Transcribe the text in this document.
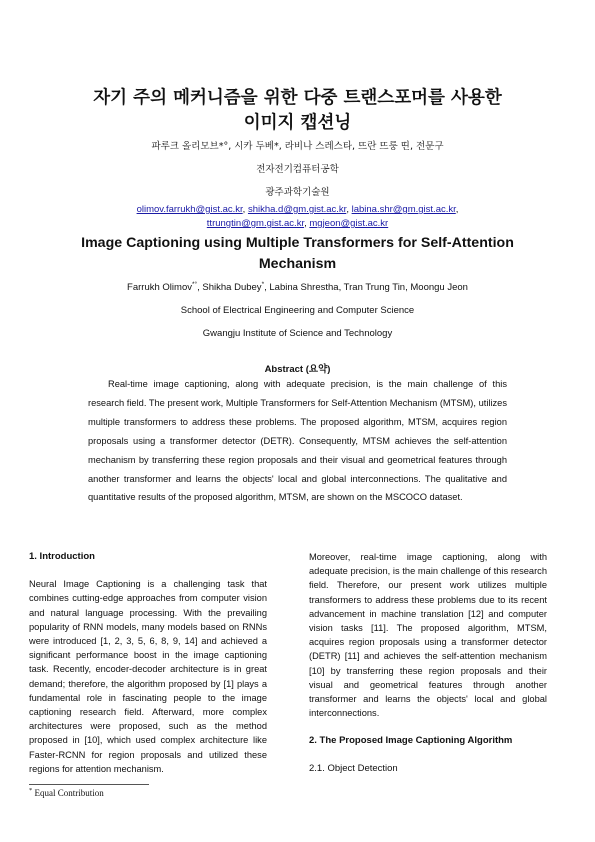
자기 주의 메커니즘을 위한 다중 트랜스포머를 사용한
이미지 캡션닝
파루크 올리모브*°, 시카 두베*, 라비나 스레스타, 뜨란 뜨룽 띤, 전문구
전자전기컴퓨터공학
광주과학기술원
olimov.farrukh@gist.ac.kr, shikha.d@gm.gist.ac.kr, labina.shr@gm.gist.ac.kr,
ttrungtin@gm.gist.ac.kr, mgjeon@gist.ac.kr
Image Captioning using Multiple Transformers for Self-Attention
Mechanism
Farrukh Olimov*°, Shikha Dubey*, Labina Shrestha, Tran Trung Tin, Moongu Jeon
School of Electrical Engineering and Computer Science
Gwangju Institute of Science and Technology
Abstract (요약)

Real-time image captioning, along with adequate precision, is the main challenge of this research field. The present work, Multiple Transformers for Self-Attention Mechanism (MTSM), utilizes multiple transformers to address these problems. The proposed algorithm, MTSM, acquires region proposals using a transformer detector (DETR). Consequently, MTSM achieves the self-attention mechanism by transferring these region proposals and their visual and geometrical features through another transformer and learns the objects' local and global interconnections. The qualitative and quantitative results of the proposed algorithm, MTSM, are shown on the MSCOCO dataset.

1. Introduction

Neural Image Captioning is a challenging task that combines cutting-edge approaches from computer vision and natural language processing. With the prevailing popularity of RNN models, many models based on RNNs were introduced [1, 2, 3, 5, 6, 8, 9, 14] and achieved a significant performance boost in the image captioning task. Recently, encoder-decoder architecture is in great demand; therefore, the algorithm proposed by [1] plays a fundamental role in fascinating people to the image captioning research field. Afterward, more complex architectures were proposed, such as the method proposed in [10], which used complex architecture like Faster-RCNN for region proposals and utilized these regions for attention mechanism.

Moreover, real-time image captioning, along with adequate precision, is the main challenge of this research field. Therefore, our present work utilizes multiple transformers to address these problems due to its recent advancement in machine translation [12] and computer vision tasks [11]. The proposed algorithm, MTSM, acquires region proposals using a transformer detector (DETR) [11] and achieves the self-attention mechanism [10] by transferring these region proposals and their visual and geometrical features through another transformer and learns the objects' local and global interconnections.

2. The Proposed Image Captioning Algorithm
2.1. Object Detection
* Equal Contribution
